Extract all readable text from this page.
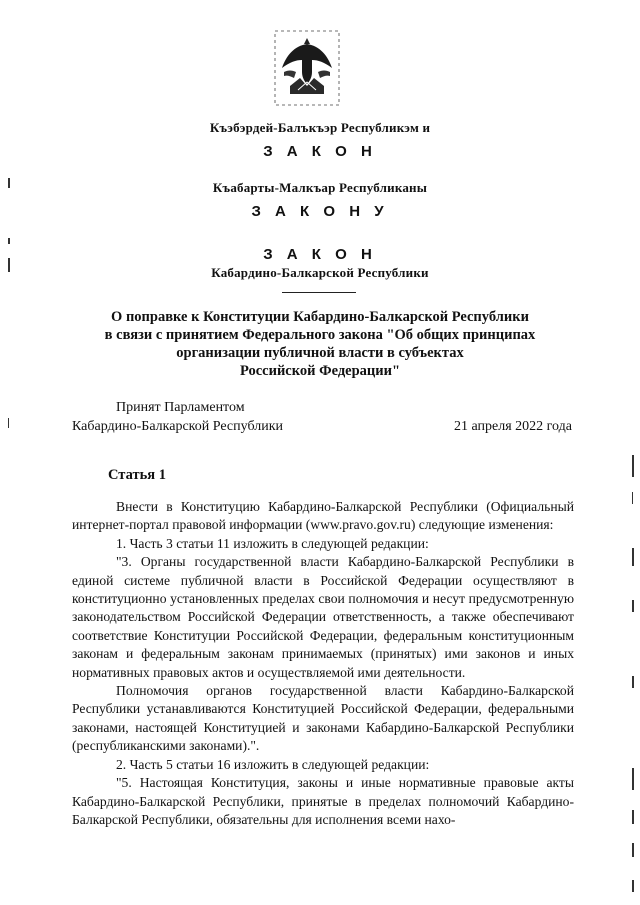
Къэбэрдей-Балъкъэр Республикэм и
З А К О Н
Къабарты-Малкъар Республиканы
З А К О Н У
З А К О Н
Кабардино-Балкарской Республики
О поправке к Конституции Кабардино-Балкарской Республики
в связи с принятием Федерального закона "Об общих принципах
организации публичной власти в субъектах
Российской Федерации"
Принят Парламентом
Кабардино-Балкарской Республики	21 апреля 2022 года
Статья 1

Внести в Конституцию Кабардино-Балкарской Республики (Официальный интернет-портал правовой информации (www.pravo.gov.ru) следующие изменения:

1. Часть 3 статьи 11 изложить в следующей редакции:

"3. Органы государственной власти Кабардино-Балкарской Республики в единой системе публичной власти в Российской Федерации осуществляют в конституционно установленных пределах свои полномочия и несут предусмотренную законодательством Российской Федерации ответственность, а также обеспечивают соответствие Конституции Российской Федерации, федеральным конституционным законам и федеральным законам принимаемых (принятых) ими законов и иных нормативных правовых актов и осуществляемой ими деятельности.

Полномочия органов государственной власти Кабардино-Балкарской Республики устанавливаются Конституцией Российской Федерации, федеральными законами, настоящей Конституцией и законами Кабардино-Балкарской Республики (республиканскими законами).".

2. Часть 5 статьи 16 изложить в следующей редакции:

"5. Настоящая Конституция, законы и иные нормативные правовые акты Кабардино-Балкарской Республики, принятые в пределах полномочий Кабардино-Балкарской Республики, обязательны для исполнения всеми нахо-
